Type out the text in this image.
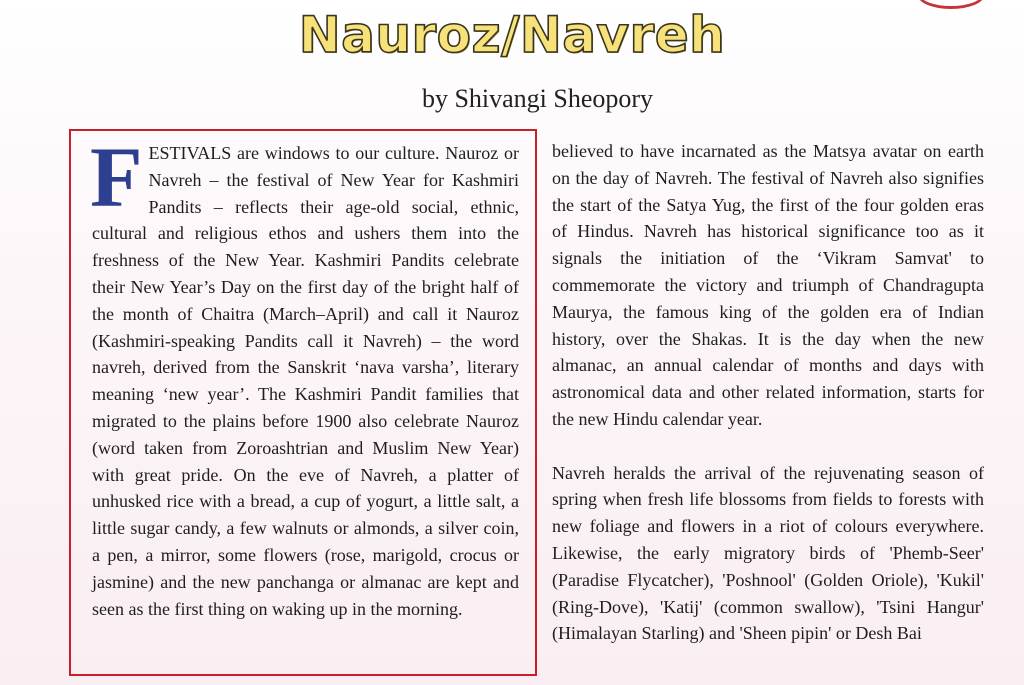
Nauroz/Navreh
by Shivangi Sheopory

FESTIVALS are windows to our culture. Nauroz or Navreh – the festival of New Year for Kashmiri Pandits – reflects their age-old social, ethnic, cultural and religious ethos and ushers them into the freshness of the New Year. Kashmiri Pandits celebrate their New Year’s Day on the first day of the bright half of the month of Chaitra (March–April) and call it Nauroz (Kashmiri-speaking Pandits call it Navreh) – the word navreh, derived from the Sanskrit ‘nava varsha’, literary meaning ‘new year’. The Kashmiri Pandit families that migrated to the plains before 1900 also celebrate Nauroz (word taken from Zoroashtrian and Muslim New Year) with great pride. On the eve of Navreh, a platter of unhusked rice with a bread, a cup of yogurt, a little salt, a little sugar candy, a few walnuts or almonds, a silver coin, a pen, a mirror, some flowers (rose, marigold, crocus or jasmine) and the new panchanga or almanac are kept and seen as the first thing on waking up in the morning.

believed to have incarnated as the Matsya avatar on earth on the day of Navreh. The festival of Navreh also signifies the start of the Satya Yug, the first of the four golden eras of Hindus. Navreh has historical significance too as it signals the initiation of the ‘Vikram Samvat' to commemorate the victory and triumph of Chandragupta Maurya, the famous king of the golden era of Indian history, over the Shakas. It is the day when the new almanac, an annual calendar of months and days with astronomical data and other related information, starts for the new Hindu calendar year.

Navreh heralds the arrival of the rejuvenating season of spring when fresh life blossoms from fields to forests with new foliage and flowers in a riot of colours everywhere. Likewise, the early migratory birds of 'Phemb-Seer' (Paradise Flycatcher), 'Poshnool' (Golden Oriole), 'Kukil' (Ring-Dove), 'Katij' (common swallow), 'Tsini Hangur' (Himalayan Starling) and 'Sheen pipin' or Desh Bai
